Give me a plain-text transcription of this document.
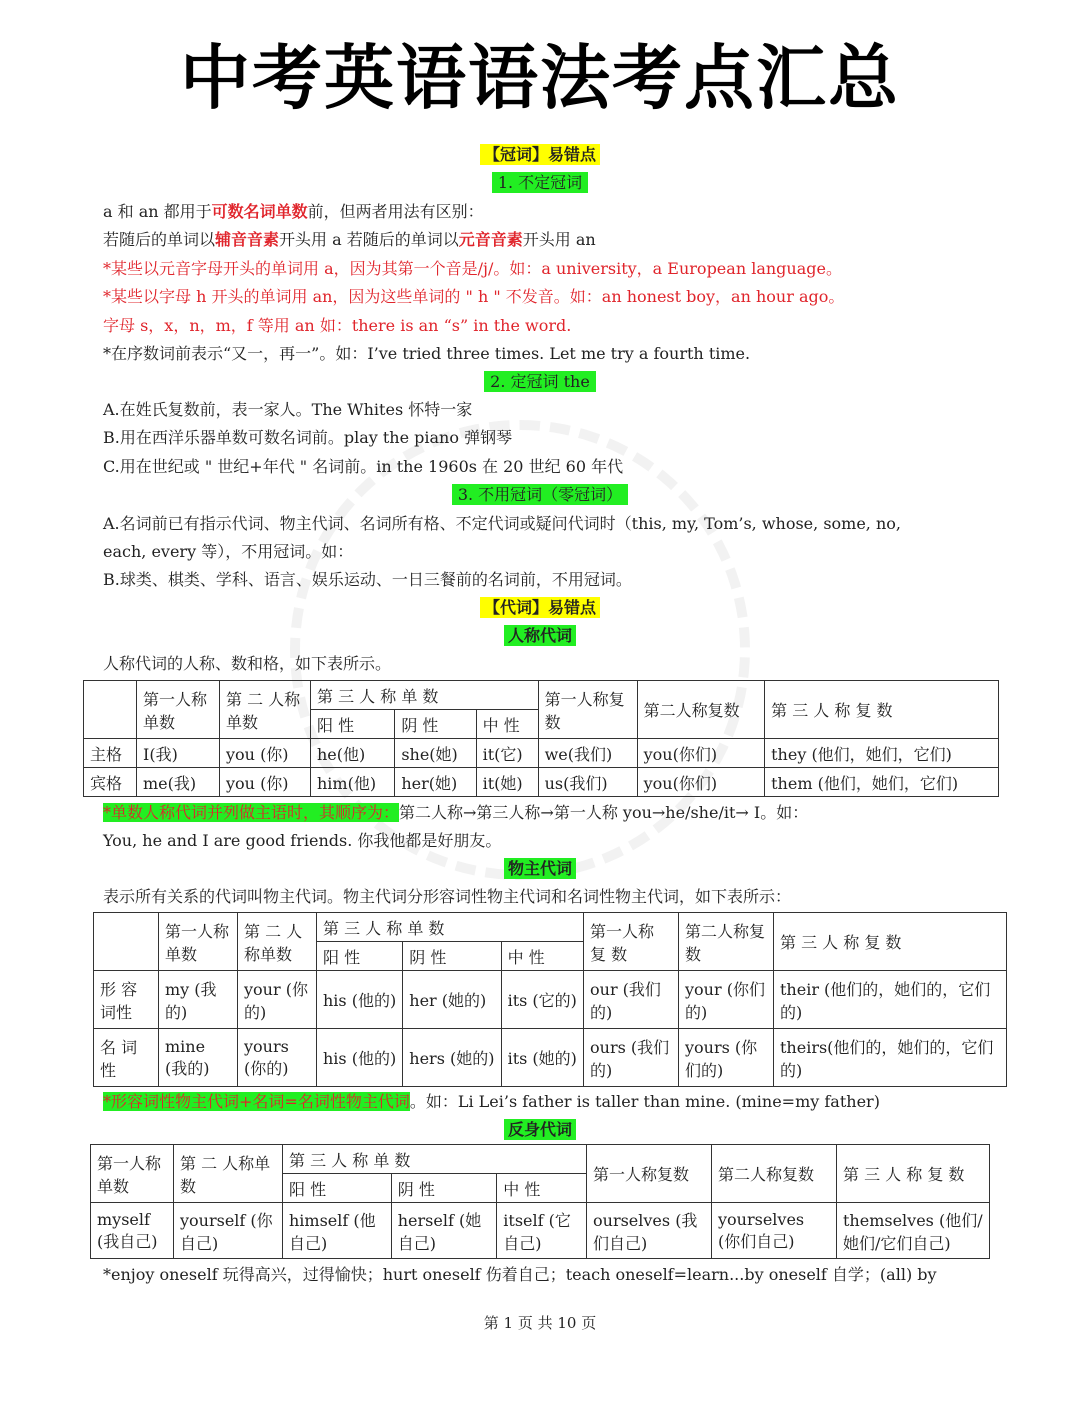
中考英语语法考点汇总
【冠词】易错点
1. 不定冠词
a 和 an 都用于可数名词单数前，但两者用法有区别：
若随后的单词以辅音音素开头用 a 若随后的单词以元音音素开头用 an
*某些以元音字母开头的单词用 a，因为其第一个音是/j/。如：a university，a European language。
*某些以字母 h 开头的单词用 an，因为这些单词的 " h " 不发音。如：an honest boy，an hour ago。
字母 s，x，n，m，f 等用 an 如：there is an “s” in the word.
*在序数词前表示“又一，再一”。如：I’ve tried three times. Let me try a fourth time.
2. 定冠词 the
A.在姓氏复数前，表一家人。The Whites 怀特一家
B.用在西洋乐器单数可数名词前。play the piano 弹钢琴
C.用在世纪或 " 世纪+年代 " 名词前。in the 1960s 在 20 世纪 60 年代
3. 不用冠词（零冠词）
A.名词前已有指示代词、物主代词、名词所有格、不定代词或疑问代词时（this, my, Tom’s, whose, some, no,
each, every 等），不用冠词。如：
B.球类、棋类、学科、语言、娱乐运动、一日三餐前的名词前，不用冠词。
【代词】易错点
人称代词
人称代词的人称、数和格，如下表所示。
	第一人称单数	第 二 人称单数	第 三 人 称 单 数			第一人称复数	第二人称复数	第 三 人 称 复 数
			阳 性	阴 性	中 性			
主格	I(我)	you (你)	he(他)	she(她)	it(它)	we(我们)	you(你们)	they (他们，她们，它们)
宾格	me(我)	you (你)	him(他)	her(她)	it(她)	us(我们)	you(你们)	them (他们，她们，它们)
*单数人称代词并列做主语时，其顺序为：第二人称→第三人称→第一人称 you→he/she/it→ I。如：
You, he and I are good friends. 你我他都是好朋友。
物主代词
表示所有关系的代词叫物主代词。物主代词分形容词性物主代词和名词性物主代词，如下表所示：
	第一人称单数	第 二 人称单数	第 三 人 称 单 数			第一人称 复 数	第二人称复数	第 三 人 称 复 数
			阳 性	阴 性	中 性			
形 容词性	my (我的)	your (你的)	his (他的)	her (她的)	its (它的)	our (我们的)	your (你们的)	their (他们的，她们的，它们的)
名 词性	mine (我的)	yours (你的)	his (他的)	hers (她的)	its (她的)	ours (我们的)	yours (你们的)	theirs(他们的，她们的，它们的)
*形容词性物主代词+名词=名词性物主代词。如：Li Lei’s father is taller than mine. (mine=my father)
反身代词
第一人称单数	第 二 人称单数	第 三 人 称 单 数			第一人称复数	第二人称复数	第 三 人 称 复 数
		阳 性	阴 性	中 性			
myself (我自己)	yourself (你自己)	himself (他自己)	herself (她自己)	itself (它自己)	ourselves (我们自己)	yourselves (你们自己)	themselves (他们/她们/它们自己)
*enjoy oneself 玩得高兴，过得愉快；hurt oneself 伤着自己；teach oneself=learn...by oneself 自学；(all) by
第 1 页 共 10 页
